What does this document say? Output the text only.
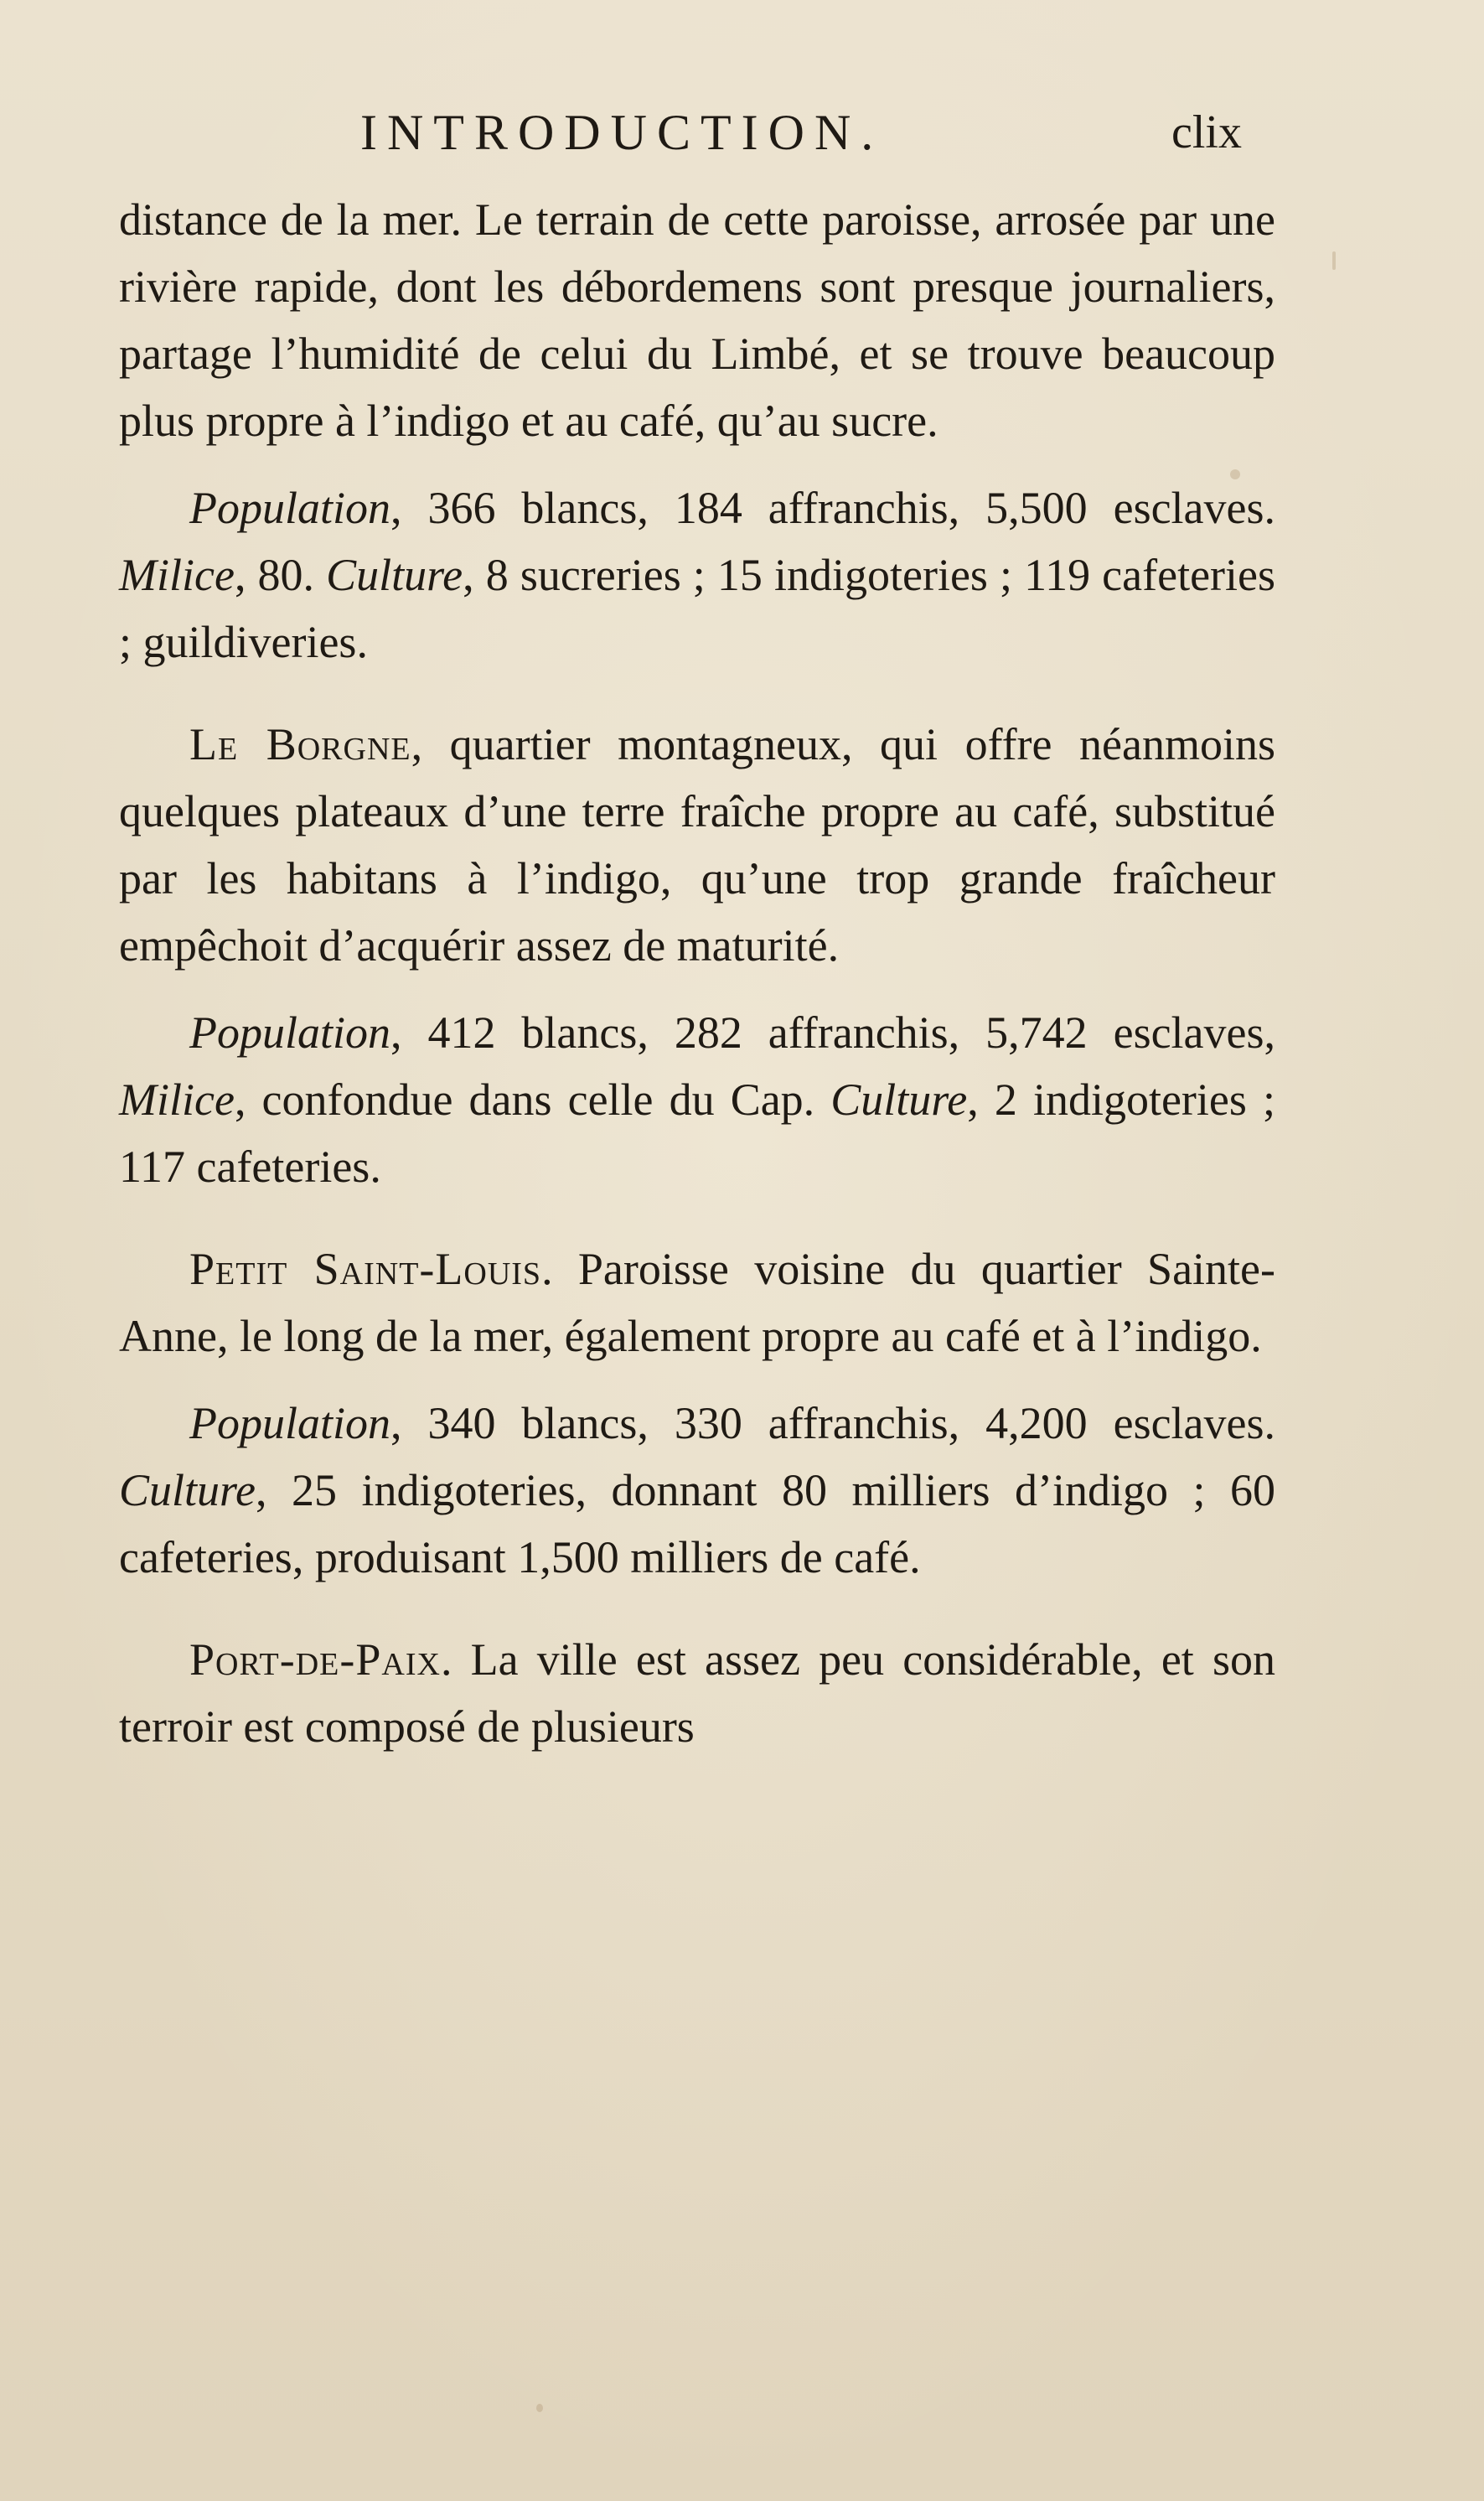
INTRODUCTION.	clix

distance de la mer. Le terrain de cette paroisse, arrosée par une rivière rapide, dont les débordemens sont presque journaliers, partage l’humidité de celui du Limbé, et se trouve beaucoup plus propre à l’indigo et au café, qu’au sucre.

Population, 366 blancs, 184 affranchis, 5,500 esclaves. Milice, 80. Culture, 8 sucreries ; 15 indigoteries ; 119 cafeteries ; guildiveries.

Le Borgne, quartier montagneux, qui offre néanmoins quelques plateaux d’une terre fraîche propre au café, substitué par les habitans à l’indigo, qu’une trop grande fraîcheur empêchoit d’acquérir assez de maturité.

Population, 412 blancs, 282 affranchis, 5,742 esclaves, Milice, confondue dans celle du Cap. Culture, 2 indigoteries ; 117 cafeteries.

Petit Saint-Louis. Paroisse voisine du quartier Sainte-Anne, le long de la mer, également propre au café et à l’indigo.

Population, 340 blancs, 330 affranchis, 4,200 esclaves. Culture, 25 indigoteries, donnant 80 milliers d’indigo ; 60 cafeteries, produisant 1,500 milliers de café.

Port-de-Paix. La ville est assez peu considérable, et son terroir est composé de plusieurs
